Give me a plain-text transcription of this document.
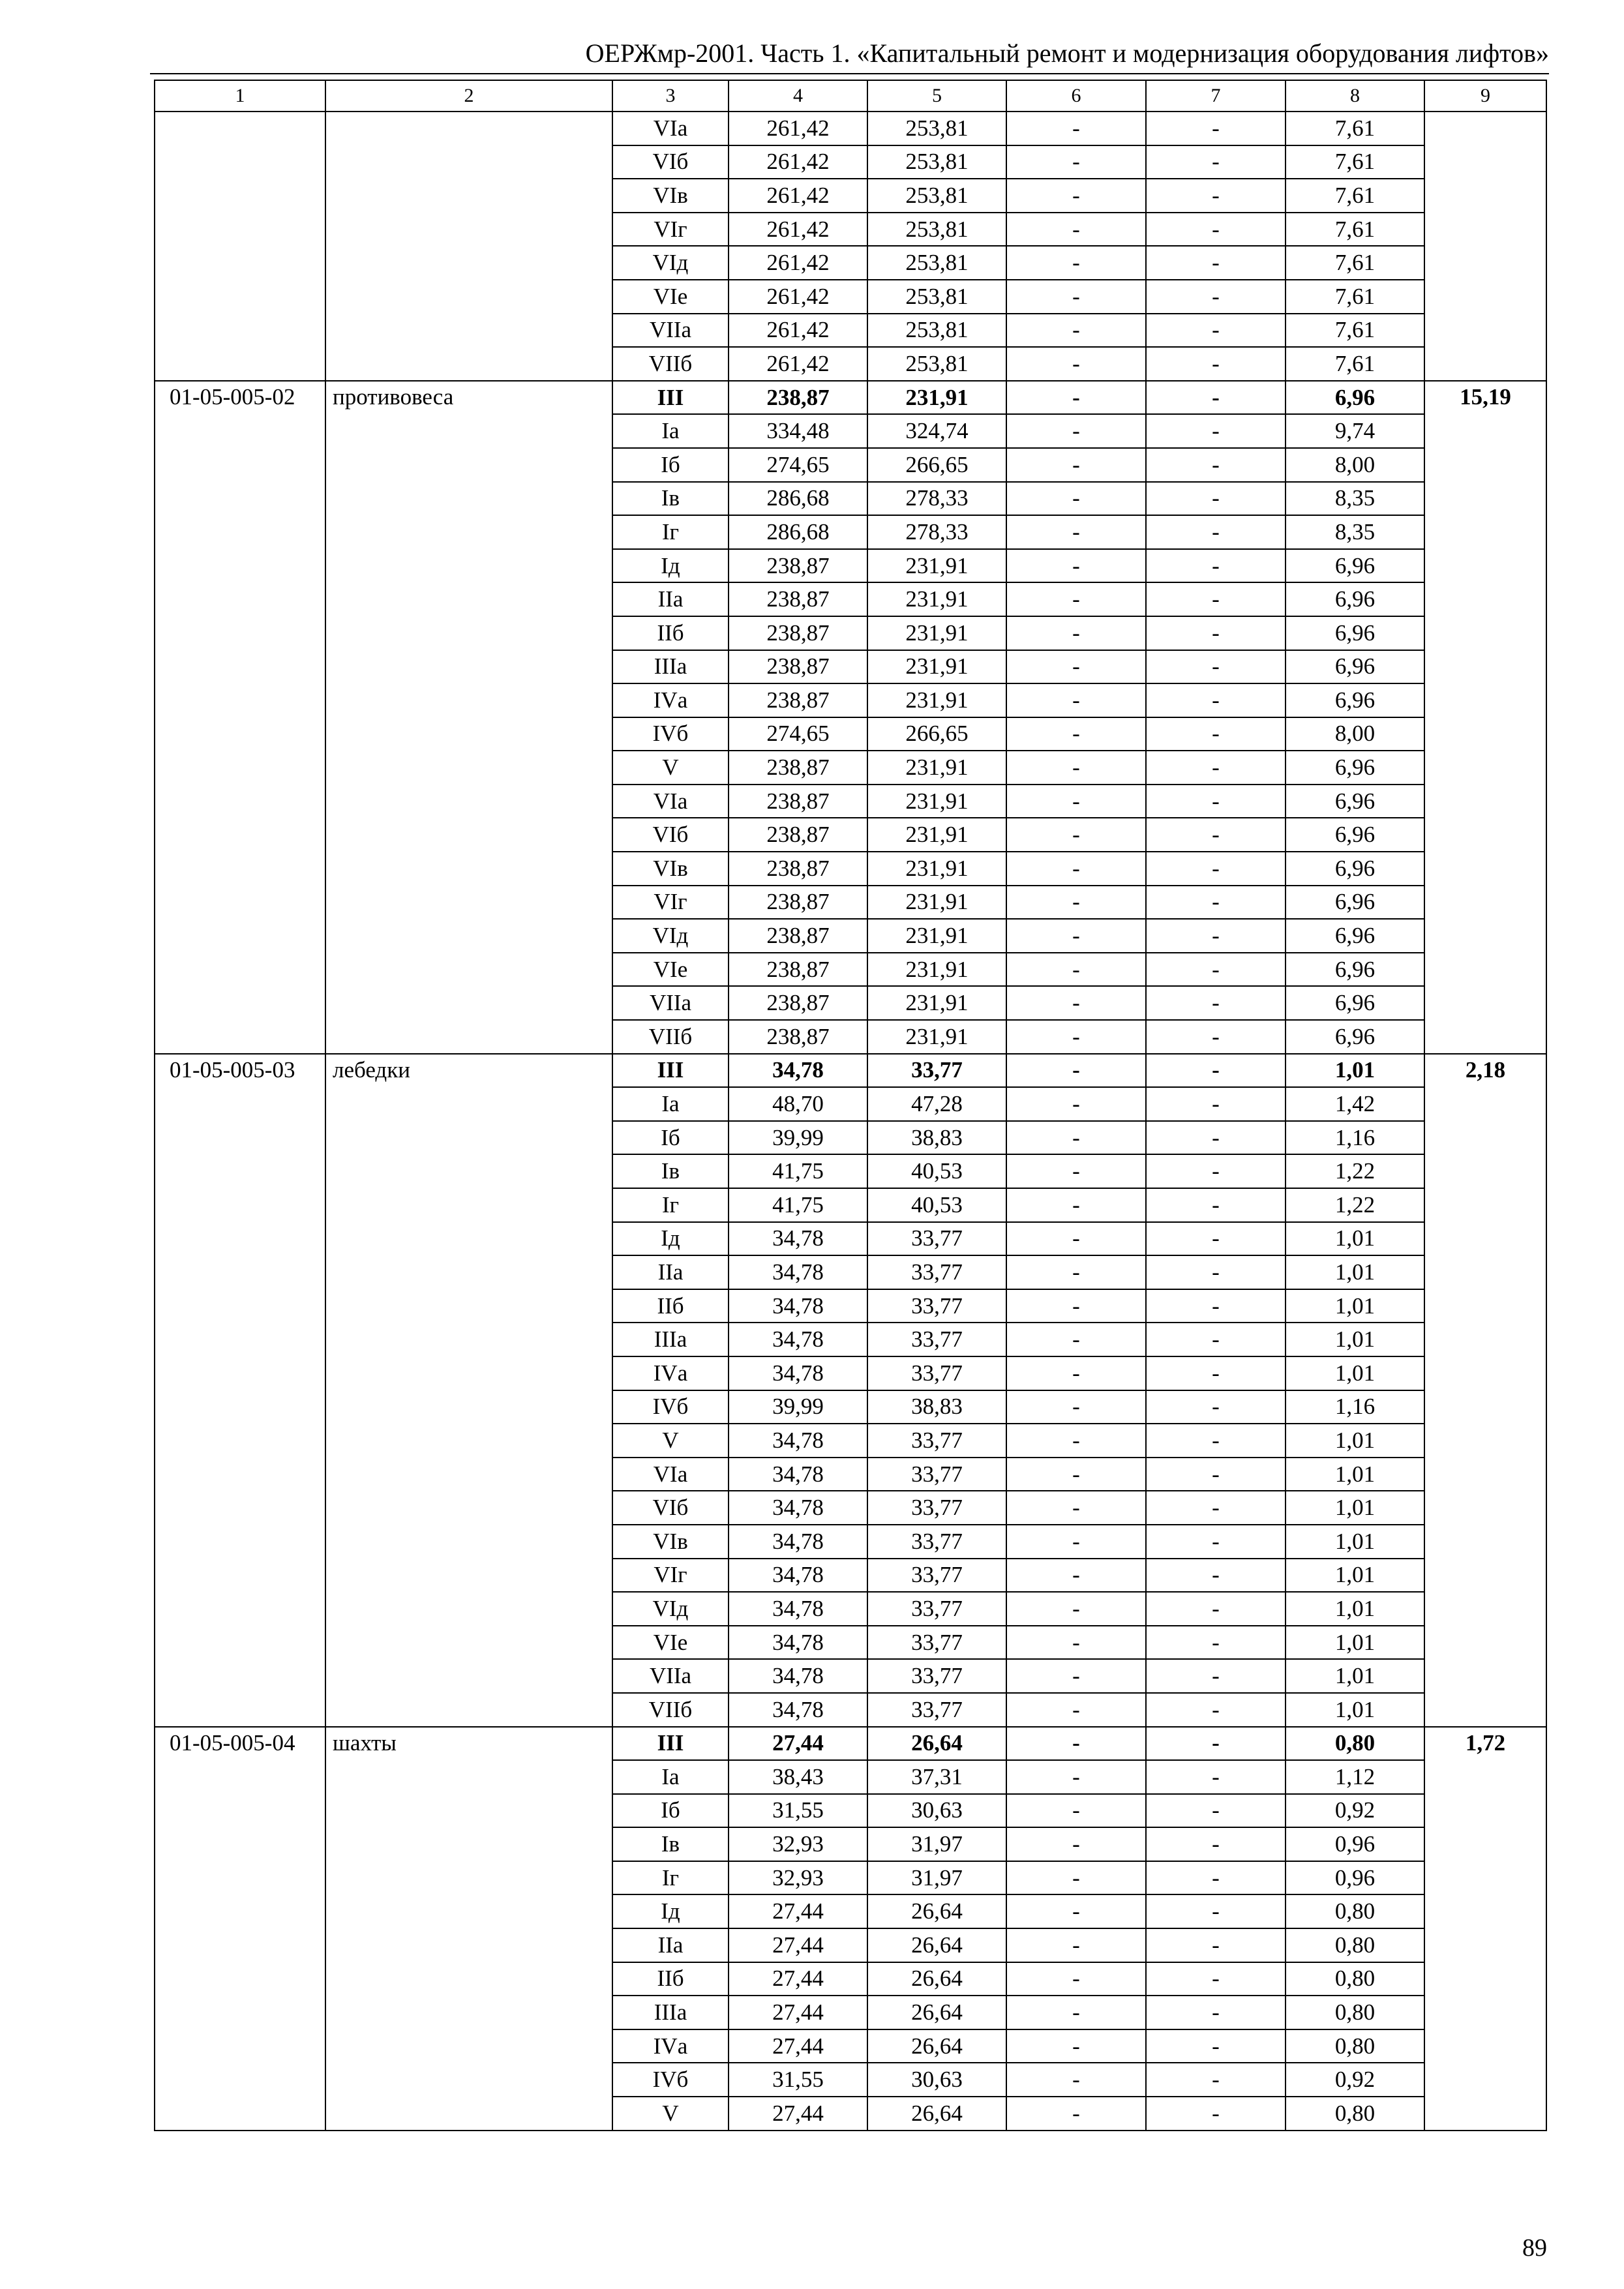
ОЕРЖмр-2001. Часть 1. «Капитальный ремонт и модернизация оборудования лифтов»
1	2	3	4	5	6	7	8	9
		VIа	261,42	253,81	-	-	7,61	
		VIб	261,42	253,81	-	-	7,61	
		VIв	261,42	253,81	-	-	7,61	
		VIг	261,42	253,81	-	-	7,61	
		VIд	261,42	253,81	-	-	7,61	
		VIе	261,42	253,81	-	-	7,61	
		VIIа	261,42	253,81	-	-	7,61	
		VIIб	261,42	253,81	-	-	7,61	
01-05-005-02	противовеса	III	238,87	231,91	-	-	6,96	15,19
		Iа	334,48	324,74	-	-	9,74	
		Iб	274,65	266,65	-	-	8,00	
		Iв	286,68	278,33	-	-	8,35	
		Iг	286,68	278,33	-	-	8,35	
		Iд	238,87	231,91	-	-	6,96	
		IIа	238,87	231,91	-	-	6,96	
		IIб	238,87	231,91	-	-	6,96	
		IIIа	238,87	231,91	-	-	6,96	
		IVа	238,87	231,91	-	-	6,96	
		IVб	274,65	266,65	-	-	8,00	
		V	238,87	231,91	-	-	6,96	
		VIа	238,87	231,91	-	-	6,96	
		VIб	238,87	231,91	-	-	6,96	
		VIв	238,87	231,91	-	-	6,96	
		VIг	238,87	231,91	-	-	6,96	
		VIд	238,87	231,91	-	-	6,96	
		VIе	238,87	231,91	-	-	6,96	
		VIIа	238,87	231,91	-	-	6,96	
		VIIб	238,87	231,91	-	-	6,96	
01-05-005-03	лебедки	III	34,78	33,77	-	-	1,01	2,18
		Iа	48,70	47,28	-	-	1,42	
		Iб	39,99	38,83	-	-	1,16	
		Iв	41,75	40,53	-	-	1,22	
		Iг	41,75	40,53	-	-	1,22	
		Iд	34,78	33,77	-	-	1,01	
		IIа	34,78	33,77	-	-	1,01	
		IIб	34,78	33,77	-	-	1,01	
		IIIа	34,78	33,77	-	-	1,01	
		IVа	34,78	33,77	-	-	1,01	
		IVб	39,99	38,83	-	-	1,16	
		V	34,78	33,77	-	-	1,01	
		VIа	34,78	33,77	-	-	1,01	
		VIб	34,78	33,77	-	-	1,01	
		VIв	34,78	33,77	-	-	1,01	
		VIг	34,78	33,77	-	-	1,01	
		VIд	34,78	33,77	-	-	1,01	
		VIе	34,78	33,77	-	-	1,01	
		VIIа	34,78	33,77	-	-	1,01	
		VIIб	34,78	33,77	-	-	1,01	
01-05-005-04	шахты	III	27,44	26,64	-	-	0,80	1,72
		Iа	38,43	37,31	-	-	1,12	
		Iб	31,55	30,63	-	-	0,92	
		Iв	32,93	31,97	-	-	0,96	
		Iг	32,93	31,97	-	-	0,96	
		Iд	27,44	26,64	-	-	0,80	
		IIа	27,44	26,64	-	-	0,80	
		IIб	27,44	26,64	-	-	0,80	
		IIIа	27,44	26,64	-	-	0,80	
		IVа	27,44	26,64	-	-	0,80	
		IVб	31,55	30,63	-	-	0,92	
		V	27,44	26,64	-	-	0,80	
89
